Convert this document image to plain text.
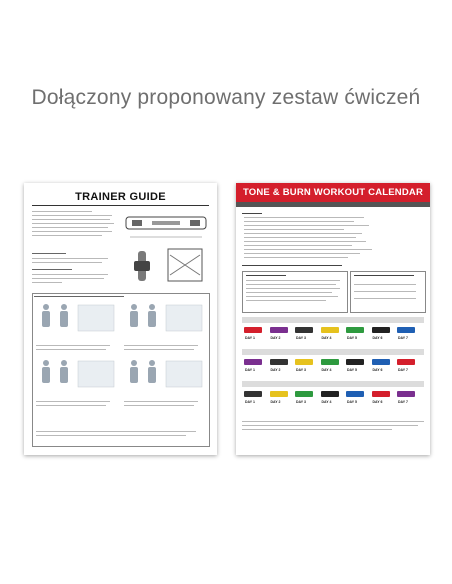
Dołączony proponowany zestaw ćwiczeń
TRAINER GUIDE	TONE & BURN WORKOUT CALENDAR
DAY 1	DAY 2	DAY 3	DAY 4	DAY 5	DAY 6	DAY 7
DAY 1	DAY 2	DAY 3	DAY 4	DAY 5	DAY 6	DAY 7
DAY 1	DAY 2	DAY 3	DAY 4	DAY 5	DAY 6	DAY 7
